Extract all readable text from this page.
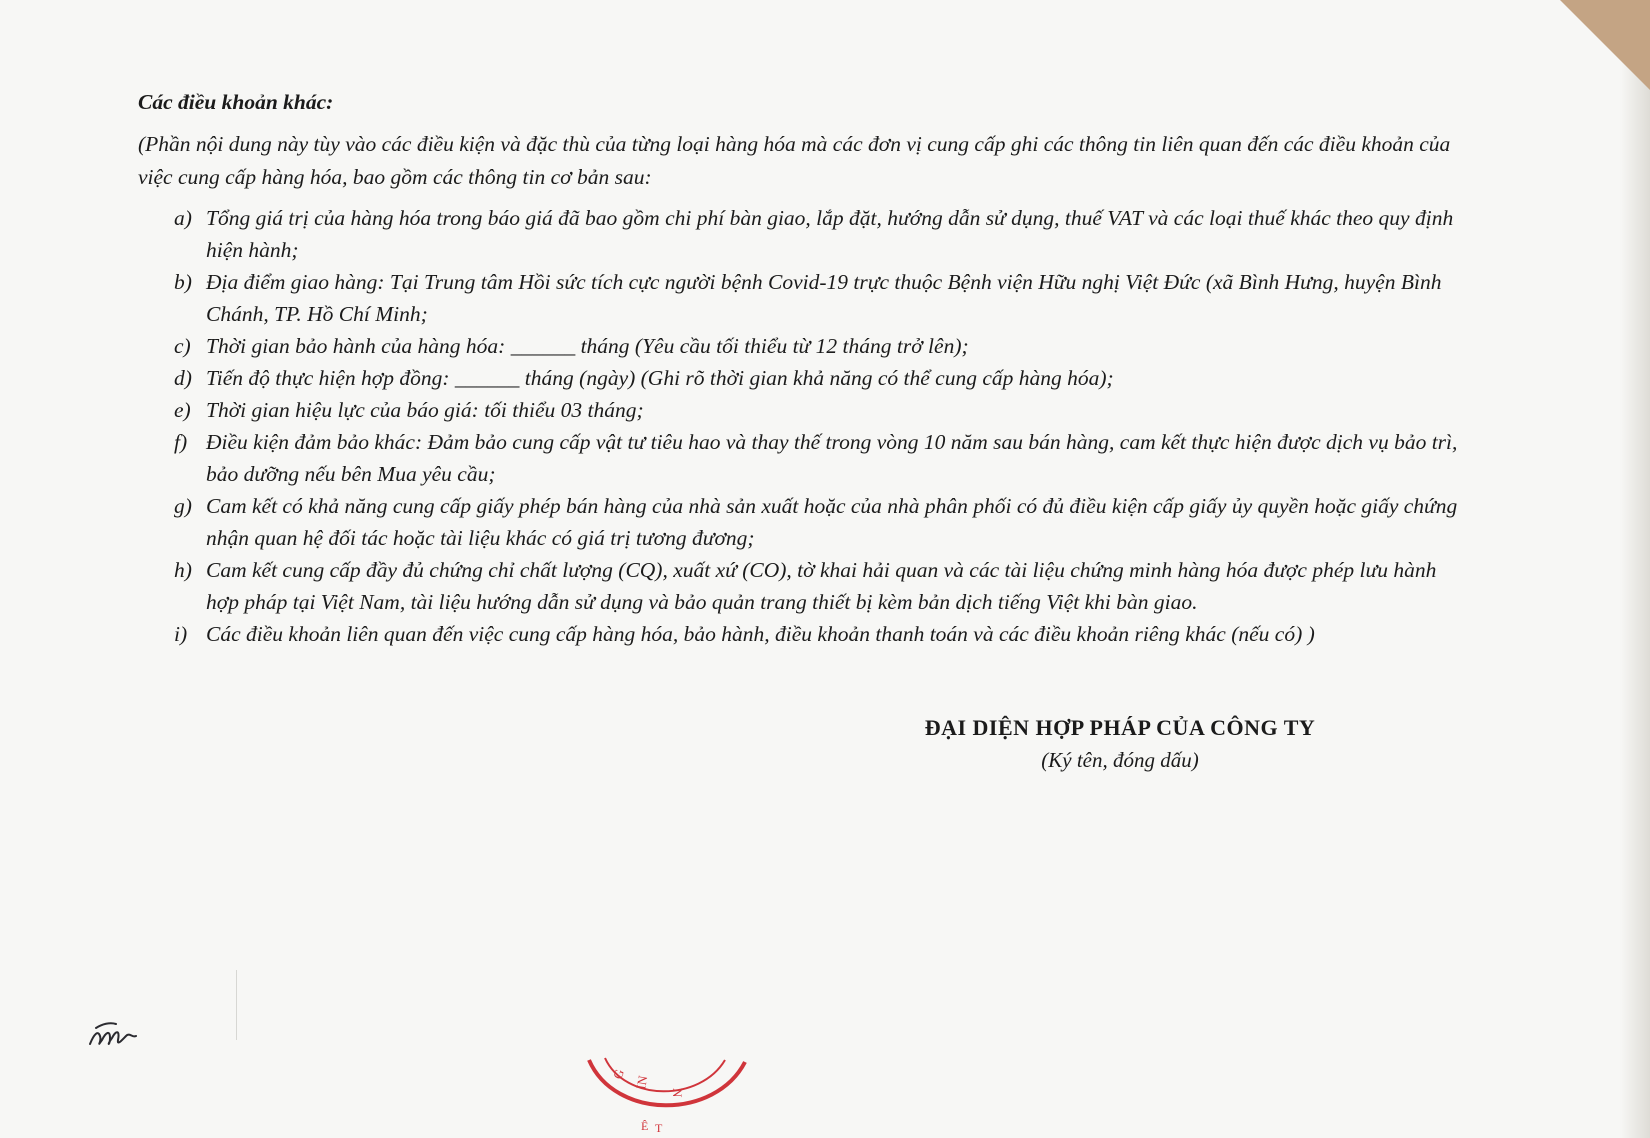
Các điều khoản khác:

(Phần nội dung này tùy vào các điều kiện và đặc thù của từng loại hàng hóa mà các đơn vị cung cấp ghi các thông tin liên quan đến các điều khoản của việc cung cấp hàng hóa, bao gồm các thông tin cơ bản sau:

a) Tổng giá trị của hàng hóa trong báo giá đã bao gồm chi phí bàn giao, lắp đặt, hướng dẫn sử dụng, thuế VAT và các loại thuế khác theo quy định hiện hành;
b) Địa điểm giao hàng: Tại Trung tâm Hồi sức tích cực người bệnh Covid-19 trực thuộc Bệnh viện Hữu nghị Việt Đức (xã Bình Hưng, huyện Bình Chánh, TP. Hồ Chí Minh;
c) Thời gian bảo hành của hàng hóa: ______ tháng (Yêu cầu tối thiểu từ 12 tháng trở lên);
d) Tiến độ thực hiện hợp đồng: ______ tháng (ngày) (Ghi rõ thời gian khả năng có thể cung cấp hàng hóa);
e) Thời gian hiệu lực của báo giá: tối thiểu 03 tháng;
f) Điều kiện đảm bảo khác: Đảm bảo cung cấp vật tư tiêu hao và thay thế trong vòng 10 năm sau bán hàng, cam kết thực hiện được dịch vụ bảo trì, bảo dưỡng nếu bên Mua yêu cầu;
g) Cam kết có khả năng cung cấp giấy phép bán hàng của nhà sản xuất hoặc của nhà phân phối có đủ điều kiện cấp giấy ủy quyền hoặc giấy chứng nhận quan hệ đối tác hoặc tài liệu khác có giá trị tương đương;
h) Cam kết cung cấp đầy đủ chứng chỉ chất lượng (CQ), xuất xứ (CO), tờ khai hải quan và các tài liệu chứng minh hàng hóa được phép lưu hành hợp pháp tại Việt Nam, tài liệu hướng dẫn sử dụng và bảo quản trang thiết bị kèm bản dịch tiếng Việt khi bàn giao.
i) Các điều khoản liên quan đến việc cung cấp hàng hóa, bảo hành, điều khoản thanh toán và các điều khoản riêng khác (nếu có) )
ĐẠI DIỆN HỢP PHÁP CỦA CÔNG TY
(Ký tên, đóng dấu)
G
IN
N
Ê T
